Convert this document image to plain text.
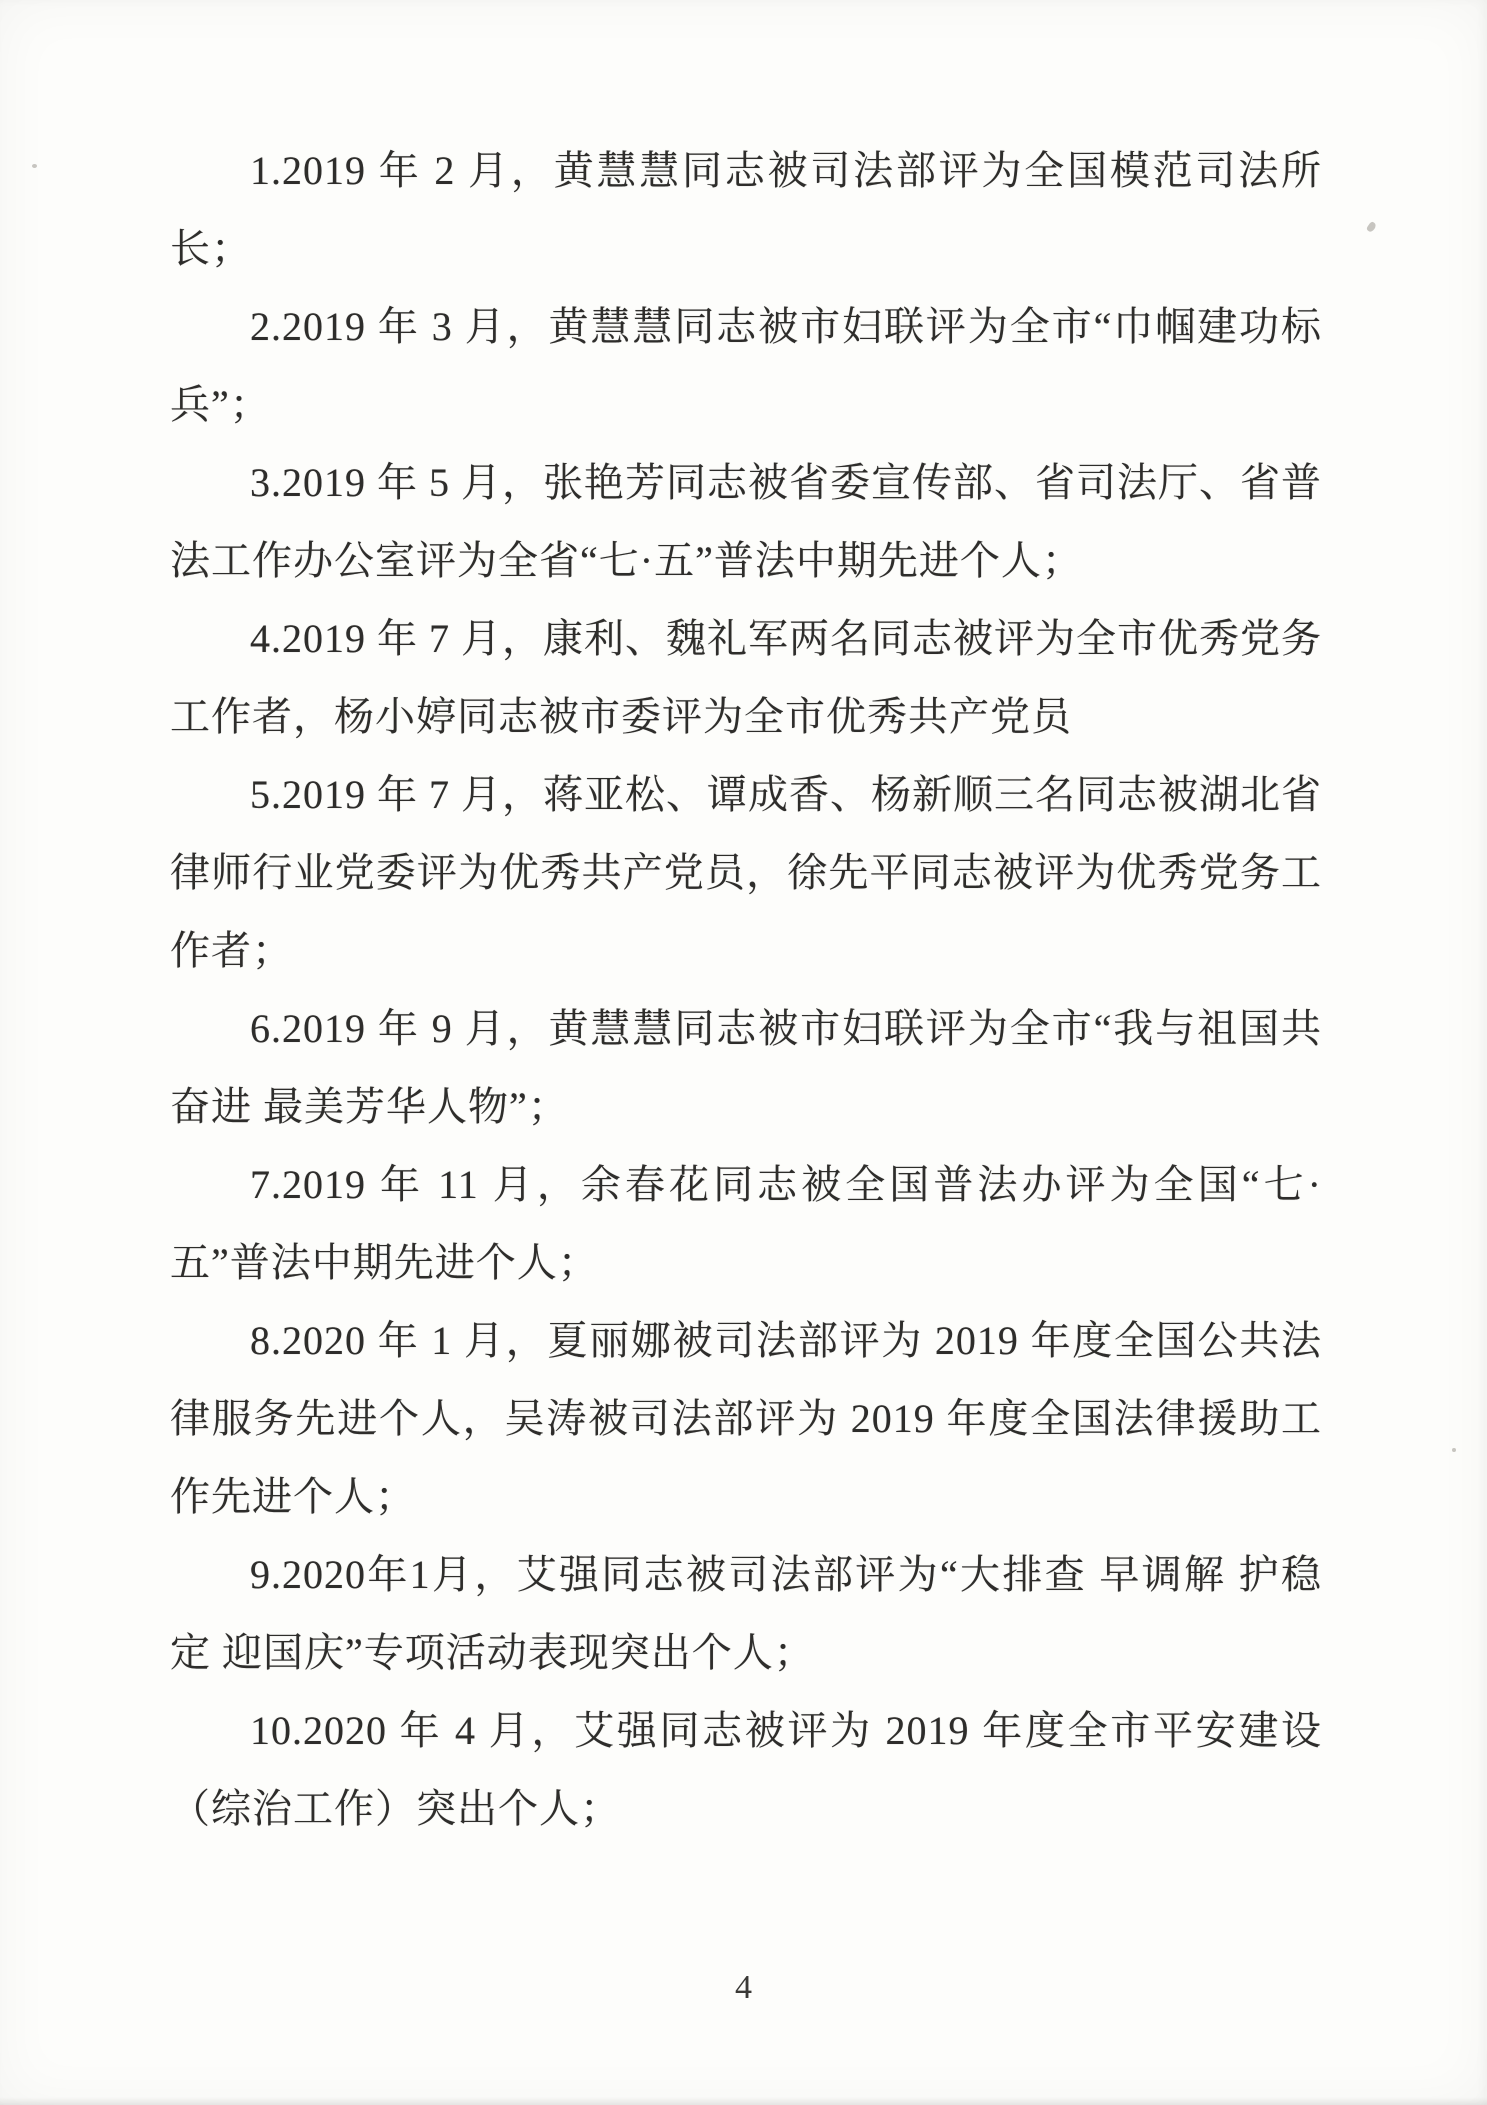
1.2019 年 2 月，黄慧慧同志被司法部评为全国模范司法所长；

2.2019 年 3 月，黄慧慧同志被市妇联评为全市“巾帼建功标兵”；

3.2019 年 5 月，张艳芳同志被省委宣传部、省司法厅、省普法工作办公室评为全省“七·五”普法中期先进个人；

4.2019 年 7 月，康利、魏礼军两名同志被评为全市优秀党务工作者，杨小婷同志被市委评为全市优秀共产党员

5.2019 年 7 月，蒋亚松、谭成香、杨新顺三名同志被湖北省律师行业党委评为优秀共产党员，徐先平同志被评为优秀党务工作者；

6.2019 年 9 月，黄慧慧同志被市妇联评为全市“我与祖国共奋进 最美芳华人物”；

7.2019 年 11 月，余春花同志被全国普法办评为全国“七·五”普法中期先进个人；

8.2020 年 1 月，夏丽娜被司法部评为 2019 年度全国公共法律服务先进个人，吴涛被司法部评为 2019 年度全国法律援助工作先进个人；

9.2020年1月，艾强同志被司法部评为“大排查 早调解 护稳定 迎国庆”专项活动表现突出个人；

10.2020 年 4 月，艾强同志被评为 2019 年度全市平安建设（综治工作）突出个人；

4
